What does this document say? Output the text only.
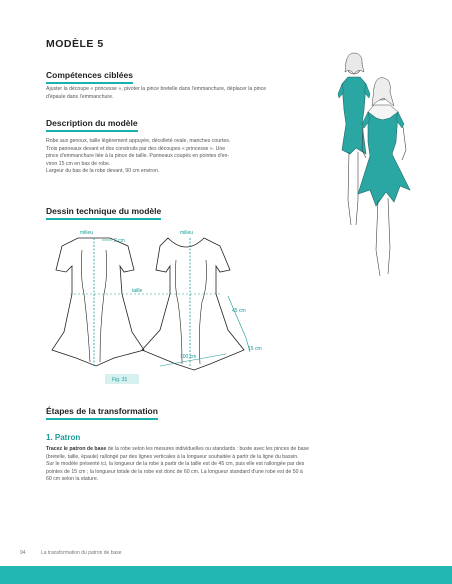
MODÈLE 5
Compétences ciblées
Ajuster la découpe « princesse », pivoter la pince bretelle dans l'emmanchure, déplacer la pince d'épaule dans l'emmanchure.
Description du modèle
Robe aux genoux, taille légèrement appuyée, décolleté ovale, manches courtes.
Trois panneaux devant et dos construits par des découpes « princesse ». Une
pince d'emmanchure liée à la pince de taille. Panneaux coupés en pointes d'en-
viron 15 cm en bas de robe.
Largeur du bas de la robe devant, 90 cm environ.
Dessin technique du modèle
milieu	milieu
2 cm
taille
45 cm
15 cm
100 cm
Fig. 31
Étapes de la transformation
1. Patron
Tracez le patron de base de la robe selon les mesures individuelles ou standards : buste avec les pinces de base
(bretelle, taille, épaule) rallongé par des lignes verticales à la longueur souhaitée à partir de la ligne du bassin.
Sur le modèle présenté ici, la longueur de la robe à partir de la taille est de 45 cm, puis elle est rallongée par des
pointes de 15 cm ; la longueur totale de la robe est donc de 60 cm. La longueur standard d'une robe est de 50 à
60 cm selon la stature.
94	La transformation du patron de base
